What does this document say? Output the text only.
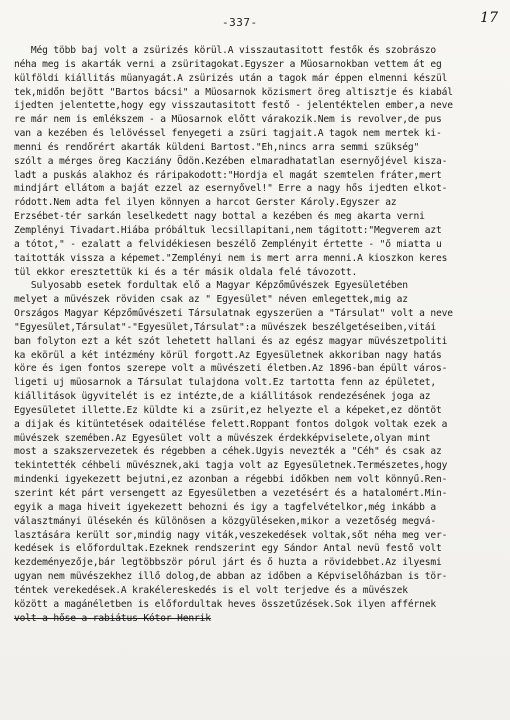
-337-	17
Még több baj volt a zsürizés körül.A visszautasitott festők és szobrászo
néha meg is akarták verni a zsüritagokat.Egyszer a Müosarnokban vettem át eg
külföldi kiállitás müanyagát.A zsürizés után a tagok már éppen elmenni készül
tek,midőn bejött "Bartos bácsi" a Müosarnok közismert öreg altisztje és kiabál
ijedten jelentette,hogy egy visszautasitott festő - jelentéktelen ember,a neve
re már nem is emlékszem - a Müosarnok előtt várakozik.Nem is revolver,de pus
van a kezében és lelövéssel fenyegeti a zsüri tagjait.A tagok nem mertek ki-
menni és rendőrért akarták küldeni Bartost."Eh,nincs arra semmi szükség"
szólt a mérges öreg Kacziány Ödön.Kezében elmaradhatatlan esernyőjével kisza-
ladt a puskás alakhoz és ráripakodott:"Hordja el magát szemtelen fráter,mert
mindjárt ellátom a baját ezzel az esernyővel!" Erre a nagy hős ijedten elkot-
ródott.Nem adta fel ilyen könnyen a harcot Gerster Károly.Egyszer az
Erzsébet-tér sarkán leselkedett nagy bottal a kezében és meg akarta verni
Zemplényi Tivadart.Hiába próbáltuk lecsillapitani,nem tágitott:"Megverem azt
a tótot," - ezalatt a felvidékiesen beszélő Zemplényit értette - "ő miatta u
taitották vissza a képemet."Zemplényi nem is mert arra menni.A kioszkon keres
tül ekkor eresztettük ki és a tér másik oldala felé távozott.
Sulyosabb esetek fordultak elő a Magyar Képzőművészek Egyesületében
melyet a müvészek röviden csak az " Egyesület" néven emlegettek,mig az
Országos Magyar Képzőművészeti Társulatnak egyszerüen a "Társulat" volt a neve
"Egyesület,Társulat"-"Egyesület,Társulat":a müvészek beszélgetéseiben,vitái
ban folyton ezt a két szót lehetett hallani és az egész magyar müvészetpoliti
ka ekörül a két intézmény körül forgott.Az Egyesületnek akkoriban nagy hatás
köre és igen fontos szerepe volt a müvészeti életben.Az 1896-ban épült város-
ligeti uj müosarnok a Társulat tulajdona volt.Ez tartotta fenn az épületet,
kiállitások ügyvitelét is ez intézte,de a kiállitások rendezésének joga az
Egyesületet illette.Ez küldte ki a zsürit,ez helyezte el a képeket,ez döntöt
a dijak és kitüntetések odaitélése felett.Roppant fontos dolgok voltak ezek a
müvészek szemében.Az Egyesület volt a müvészek érdekképviselete,olyan mint
most a szakszervezetek és régebben a céhek.Ugyis nevezték a "Céh" és csak az
tekintették céhbeli müvésznek,aki tagja volt az Egyesületnek.Természetes,hogy
mindenki igyekezett bejutni,ez azonban a régebbi időkben nem volt könnyű.Ren-
szerint két párt versengett az Egyesületben a vezetésért és a hatalomért.Min-
egyik a maga hiveit igyekezett behozni és igy a tagfelvételkor,még inkább a
választmányi ülésekén és különösen a közgyüléseken,mikor a vezetőség megvá-
lasztására került sor,mindig nagy viták,veszekedések voltak,sőt néha meg ver-
kedések is előfordultak.Ezeknek rendszerint egy Sándor Antal nevü festő volt
kezdeményezője,bár legtöbbször pórul járt és ő huzta a rövidebbet.Az ilyesmi
ugyan nem müvészekhez illő dolog,de abban az időben a Képviselőházban is tör-
téntek verekedések.A krakélereskedés is el volt terjedve és a müvészek
között a magánéletben is előfordultak heves összetűzések.Sok ilyen afférnek
volt a hőse a rabiátus Kótor Henrik
